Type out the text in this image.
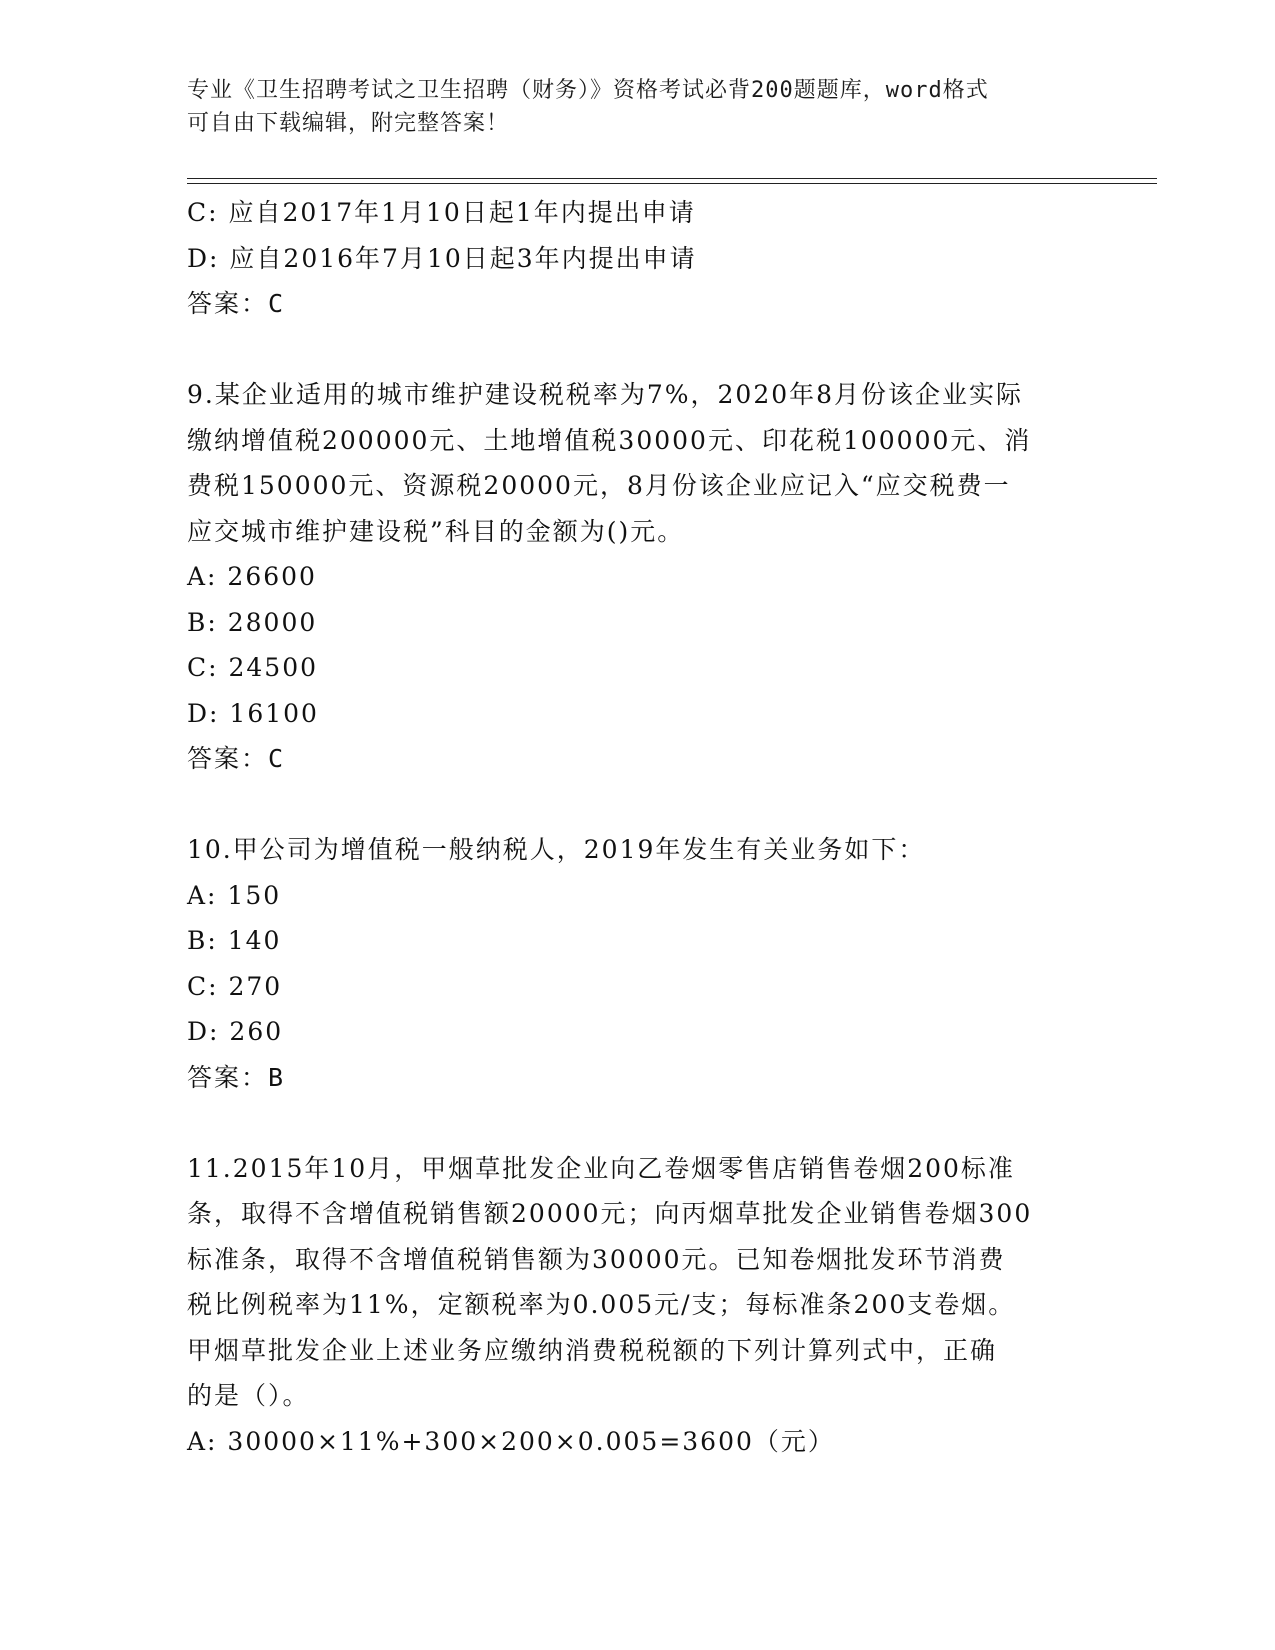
专业《卫生招聘考试之卫生招聘（财务）》资格考试必背200题题库，word格式
可自由下载编辑，附完整答案！
C: 应自2017年1月10日起1年内提出申请
D: 应自2016年7月10日起3年内提出申请
答案：C
9.某企业适用的城市维护建设税税率为7%，2020年8月份该企业实际
缴纳增值税200000元、土地增值税30000元、印花税100000元、消
费税150000元、资源税20000元，8月份该企业应记入“应交税费一
应交城市维护建设税”科目的金额为()元。
A: 26600
B: 28000
C: 24500
D: 16100
答案：C
10.甲公司为增值税一般纳税人，2019年发生有关业务如下：
A: 150
B: 140
C: 270
D: 260
答案：B
11.2015年10月，甲烟草批发企业向乙卷烟零售店销售卷烟200标准
条，取得不含增值税销售额20000元；向丙烟草批发企业销售卷烟300
标准条，取得不含增值税销售额为30000元。已知卷烟批发环节消费
税比例税率为11%，定额税率为0.005元/支；每标准条200支卷烟。
甲烟草批发企业上述业务应缴纳消费税税额的下列计算列式中，正确
的是（）。
A: 30000×11%+300×200×0.005=3600（元）
